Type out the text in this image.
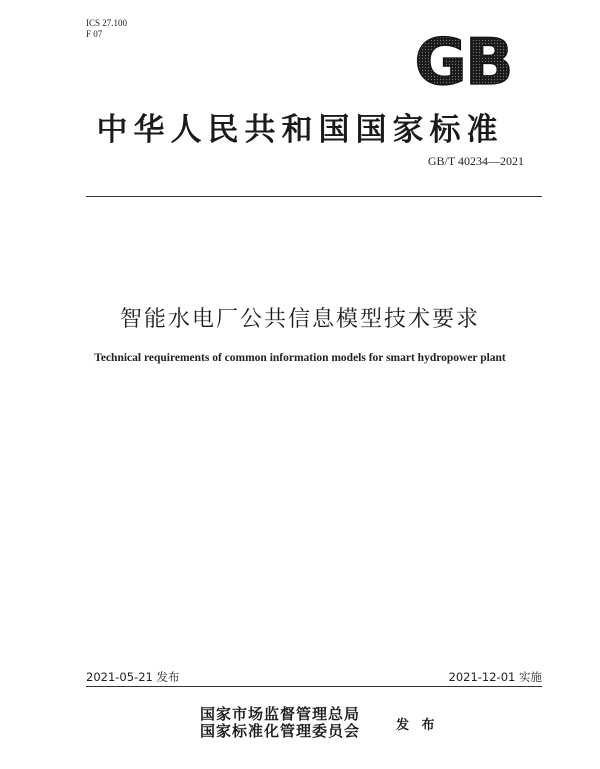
ICS 27.100
F 07	GB
中华人民共和国国家标准
GB/T 40234—2021
智能水电厂公共信息模型技术要求
Technical requirements of common information models for smart hydropower plant
2021-05-21 发布	2021-12-01 实施
国家市场监督管理总局
国家标准化管理委员会	发 布
